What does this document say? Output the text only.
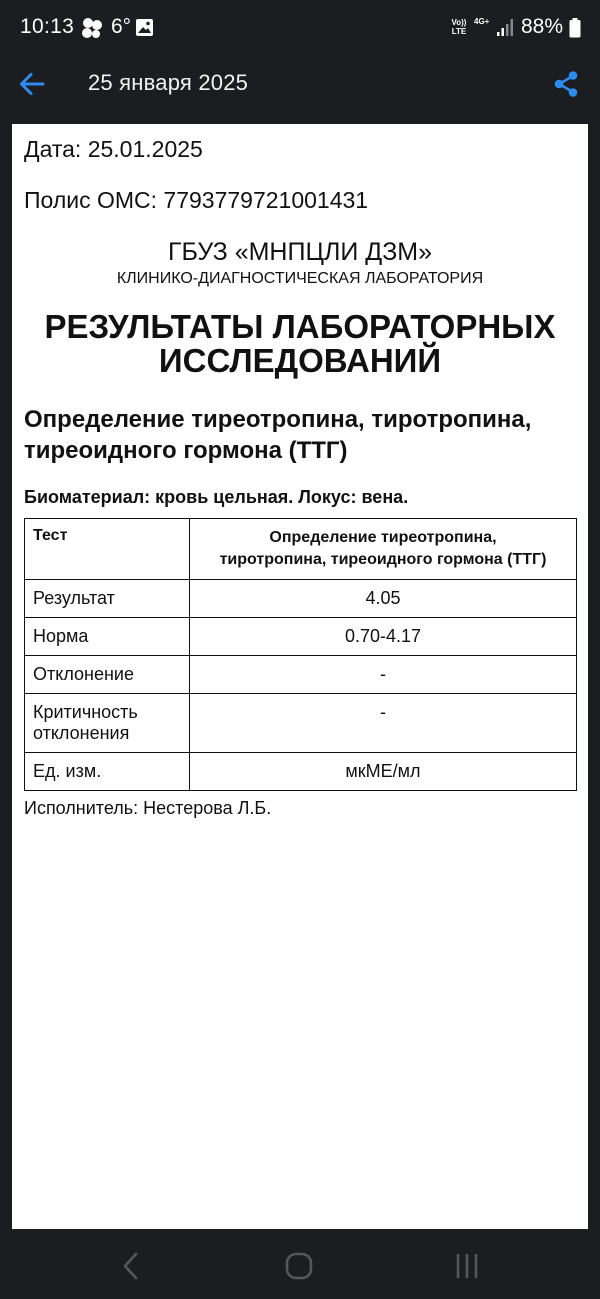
10:13 6°	Vo)) LTE
4G+ 88%
25 января 2025
Дата: 25.01.2025
Полис ОМС: 7793779721001431
ГБУЗ «МНПЦЛИ ДЗМ»
КЛИНИКО-ДИАГНОСТИЧЕСКАЯ ЛАБОРАТОРИЯ
РЕЗУЛЬТАТЫ ЛАБОРАТОРНЫХ
ИССЛЕДОВАНИЙ
Определение тиреотропина, тиротропина, тиреоидного гормона (ТТГ)
Биоматериал: кровь цельная. Локус: вена.
Тест	Определение тиреотропина,
тиротропина, тиреоидного гормона (ТТГ)

Результат	4.05
Норма	0.70-4.17
Отклонение	-
Критичность отклонения	-
Ед. изм.	мкМЕ/мл
Исполнитель: Нестерова Л.Б.
